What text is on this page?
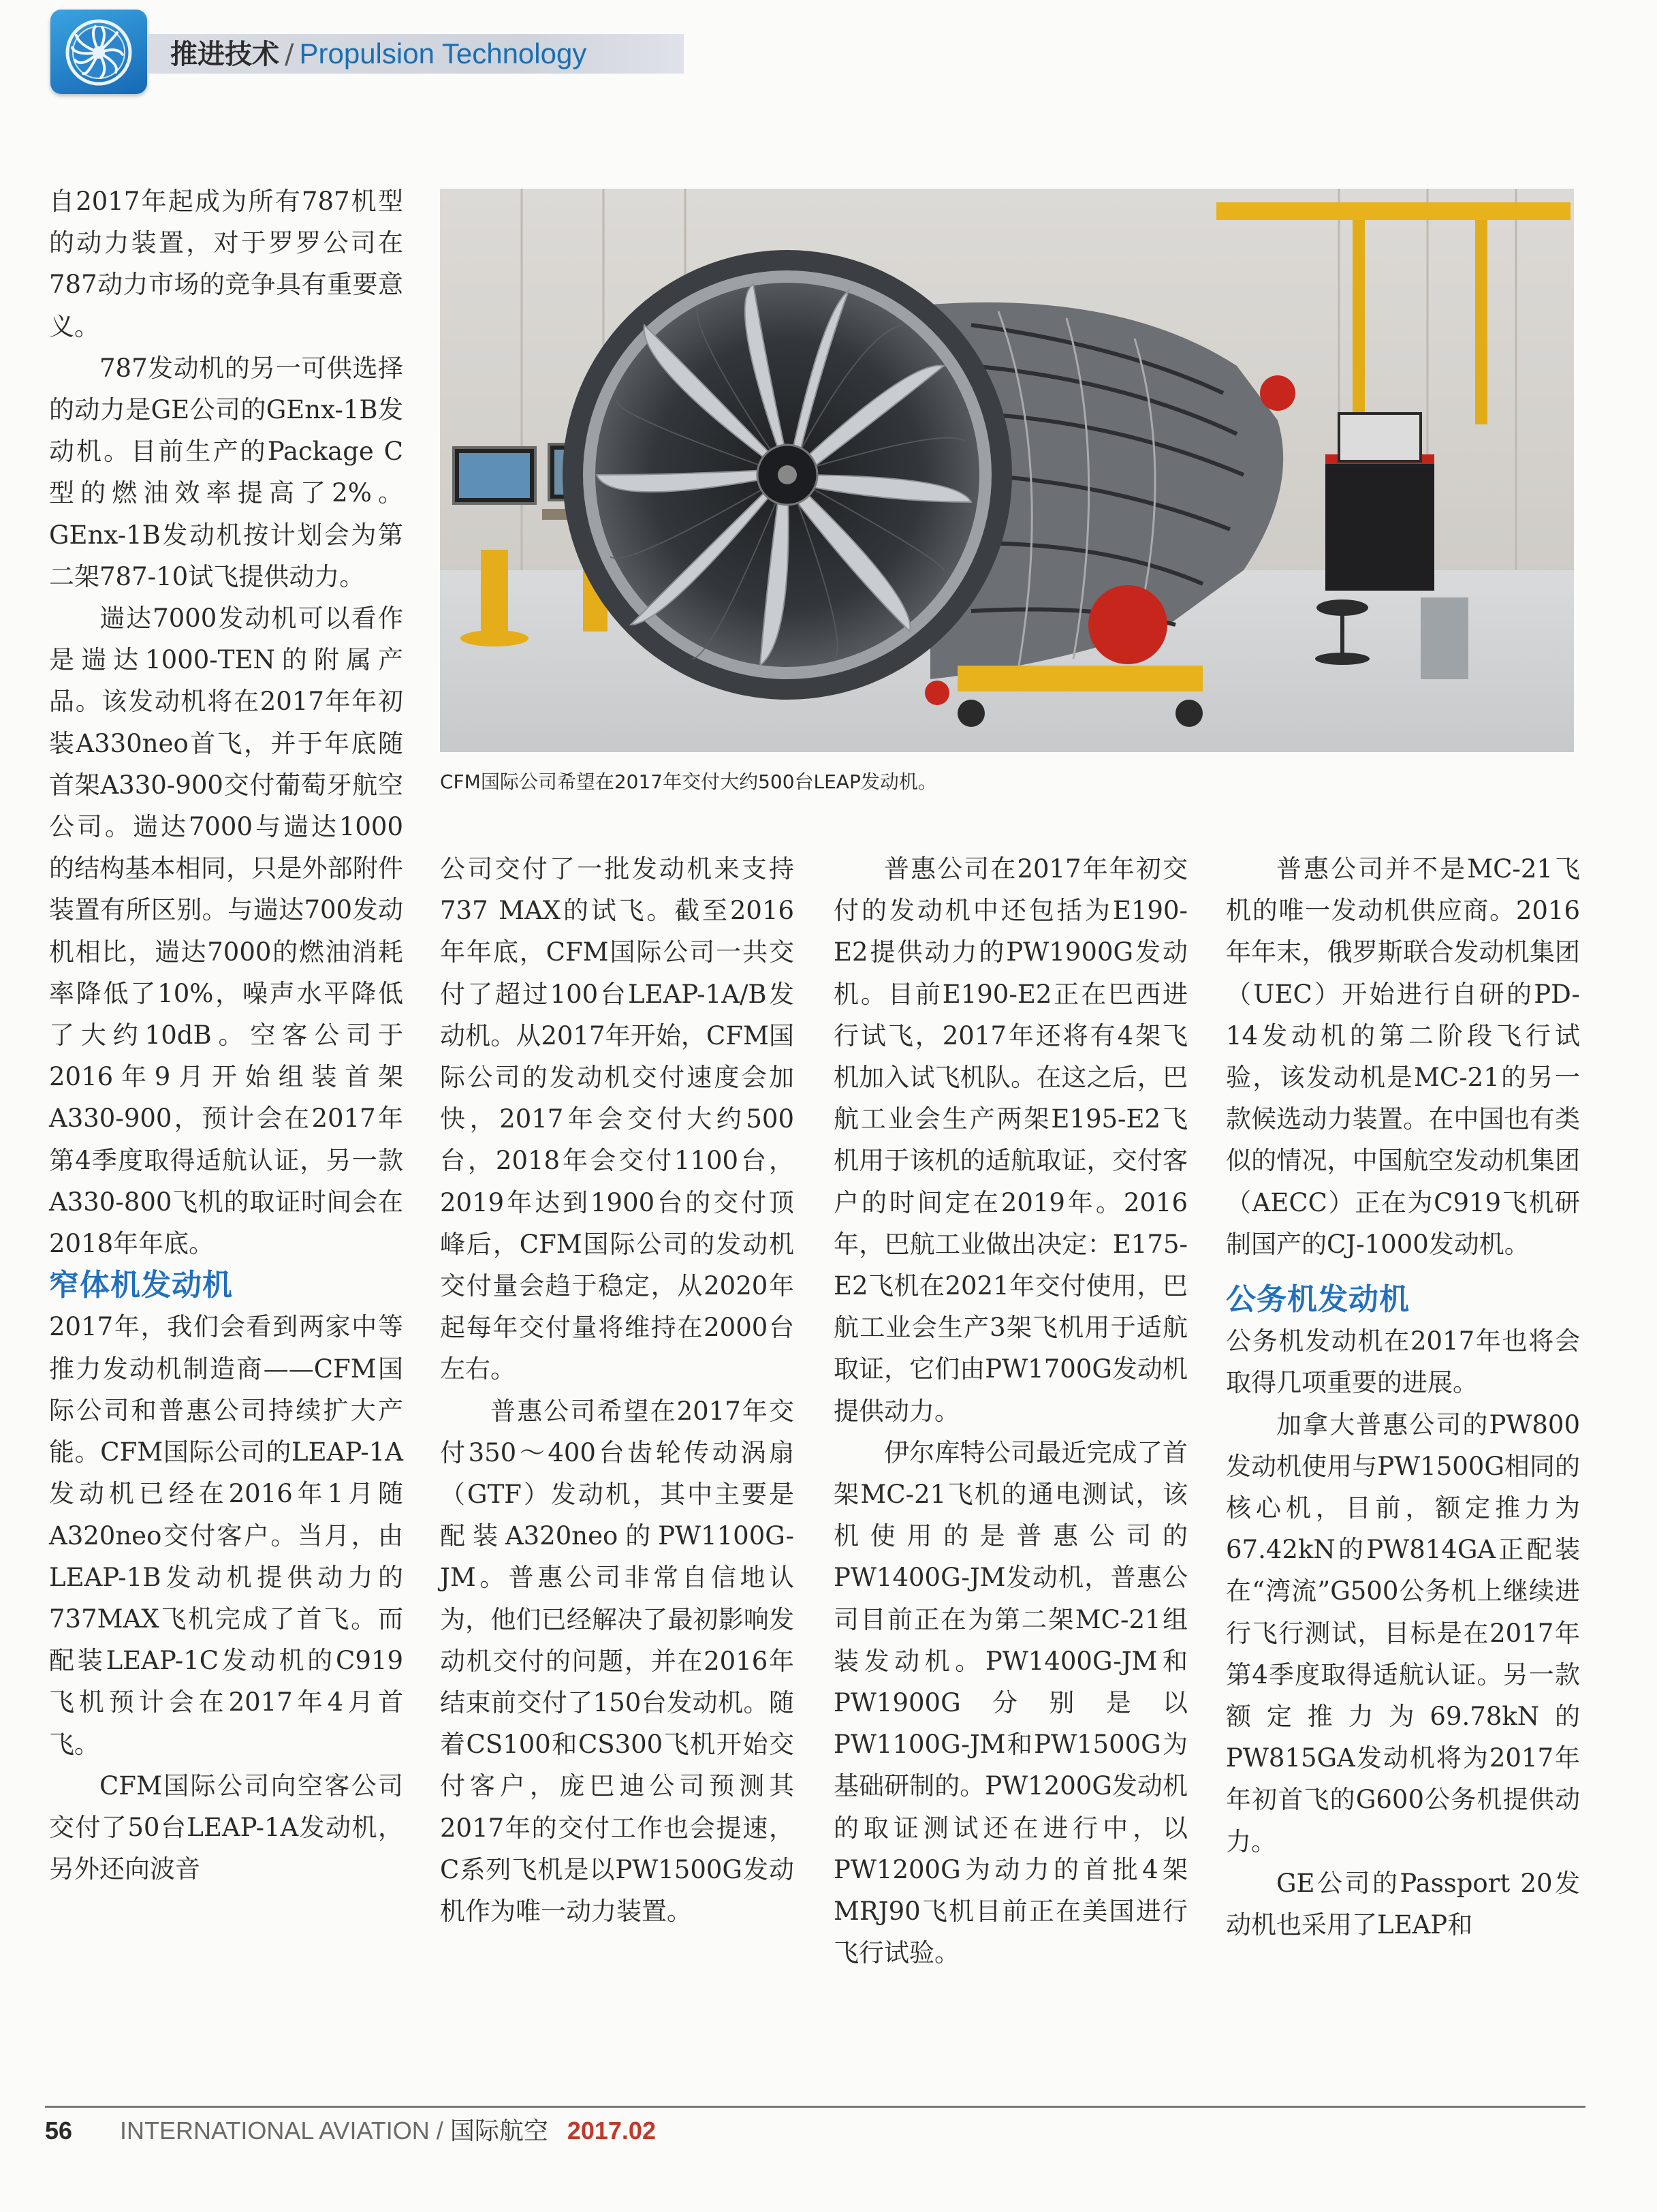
推进技术 / Propulsion Technology
CFM国际公司希望在2017年交付大约500台LEAP发动机。

自2017年起成为所有787机型的动力装置，对于罗罗公司在787动力市场的竞争具有重要意义。

787发动机的另一可供选择的动力是GE公司的GEnx-1B发动机。目前生产的Package C型的燃油效率提高了2%。GEnx-1B发动机按计划会为第二架787-10试飞提供动力。

遄达7000发动机可以看作是遄达1000-TEN的附属产品。该发动机将在2017年年初装A330neo首飞，并于年底随首架A330-900交付葡萄牙航空公司。遄达7000与遄达1000的结构基本相同，只是外部附件装置有所区别。与遄达700发动机相比，遄达7000的燃油消耗率降低了10%，噪声水平降低了大约10dB。空客公司于2016年9月开始组装首架A330-900，预计会在2017年第4季度取得适航认证，另一款A330-800飞机的取证时间会在2018年年底。

窄体机发动机

2017年，我们会看到两家中等推力发动机制造商——CFM国际公司和普惠公司持续扩大产能。CFM国际公司的LEAP-1A发动机已经在2016年1月随A320neo交付客户。当月，由LEAP-1B发动机提供动力的737MAX飞机完成了首飞。而配装LEAP-1C发动机的C919飞机预计会在2017年4月首飞。

CFM国际公司向空客公司交付了50台LEAP-1A发动机，另外还向波音

公司交付了一批发动机来支持737 MAX的试飞。截至2016年年底，CFM国际公司一共交付了超过100台LEAP-1A/B发动机。从2017年开始，CFM国际公司的发动机交付速度会加快，2017年会交付大约500台，2018年会交付1100台，2019年达到1900台的交付顶峰后，CFM国际公司的发动机交付量会趋于稳定，从2020年起每年交付量将维持在2000台左右。

普惠公司希望在2017年交付350～400台齿轮传动涡扇（GTF）发动机，其中主要是配装A320neo的PW1100G-JM。普惠公司非常自信地认为，他们已经解决了最初影响发动机交付的问题，并在2016年结束前交付了150台发动机。随着CS100和CS300飞机开始交付客户，庞巴迪公司预测其2017年的交付工作也会提速，C系列飞机是以PW1500G发动机作为唯一动力装置。

普惠公司在2017年年初交付的发动机中还包括为E190-E2提供动力的PW1900G发动机。目前E190-E2正在巴西进行试飞，2017年还将有4架飞机加入试飞机队。在这之后，巴航工业会生产两架E195-E2飞机用于该机的适航取证，交付客户的时间定在2019年。2016年，巴航工业做出决定：E175-E2飞机在2021年交付使用，巴航工业会生产3架飞机用于适航取证，它们由PW1700G发动机提供动力。

伊尔库特公司最近完成了首架MC-21飞机的通电测试，该机使用的是普惠公司的PW1400G-JM发动机，普惠公司目前正在为第二架MC-21组装发动机。PW1400G-JM和PW1900G分别是以PW1100G-JM和PW1500G为基础研制的。PW1200G发动机的取证测试还在进行中，以PW1200G为动力的首批4架MRJ90飞机目前正在美国进行飞行试验。

普惠公司并不是MC-21飞机的唯一发动机供应商。2016年年末，俄罗斯联合发动机集团（UEC）开始进行自研的PD-14发动机的第二阶段飞行试验，该发动机是MC-21的另一款候选动力装置。在中国也有类似的情况，中国航空发动机集团（AECC）正在为C919飞机研制国产的CJ-1000发动机。

公务机发动机

公务机发动机在2017年也将会取得几项重要的进展。

加拿大普惠公司的PW800发动机使用与PW1500G相同的核心机，目前，额定推力为67.42kN的PW814GA正配装在“湾流”G500公务机上继续进行飞行测试，目标是在2017年第4季度取得适航认证。另一款额定推力为69.78kN的PW815GA发动机将为2017年年初首飞的G600公务机提供动力。

GE公司的Passport 20发动机也采用了LEAP和

56 INTERNATIONAL AVIATION / 国际航空 2017.02
